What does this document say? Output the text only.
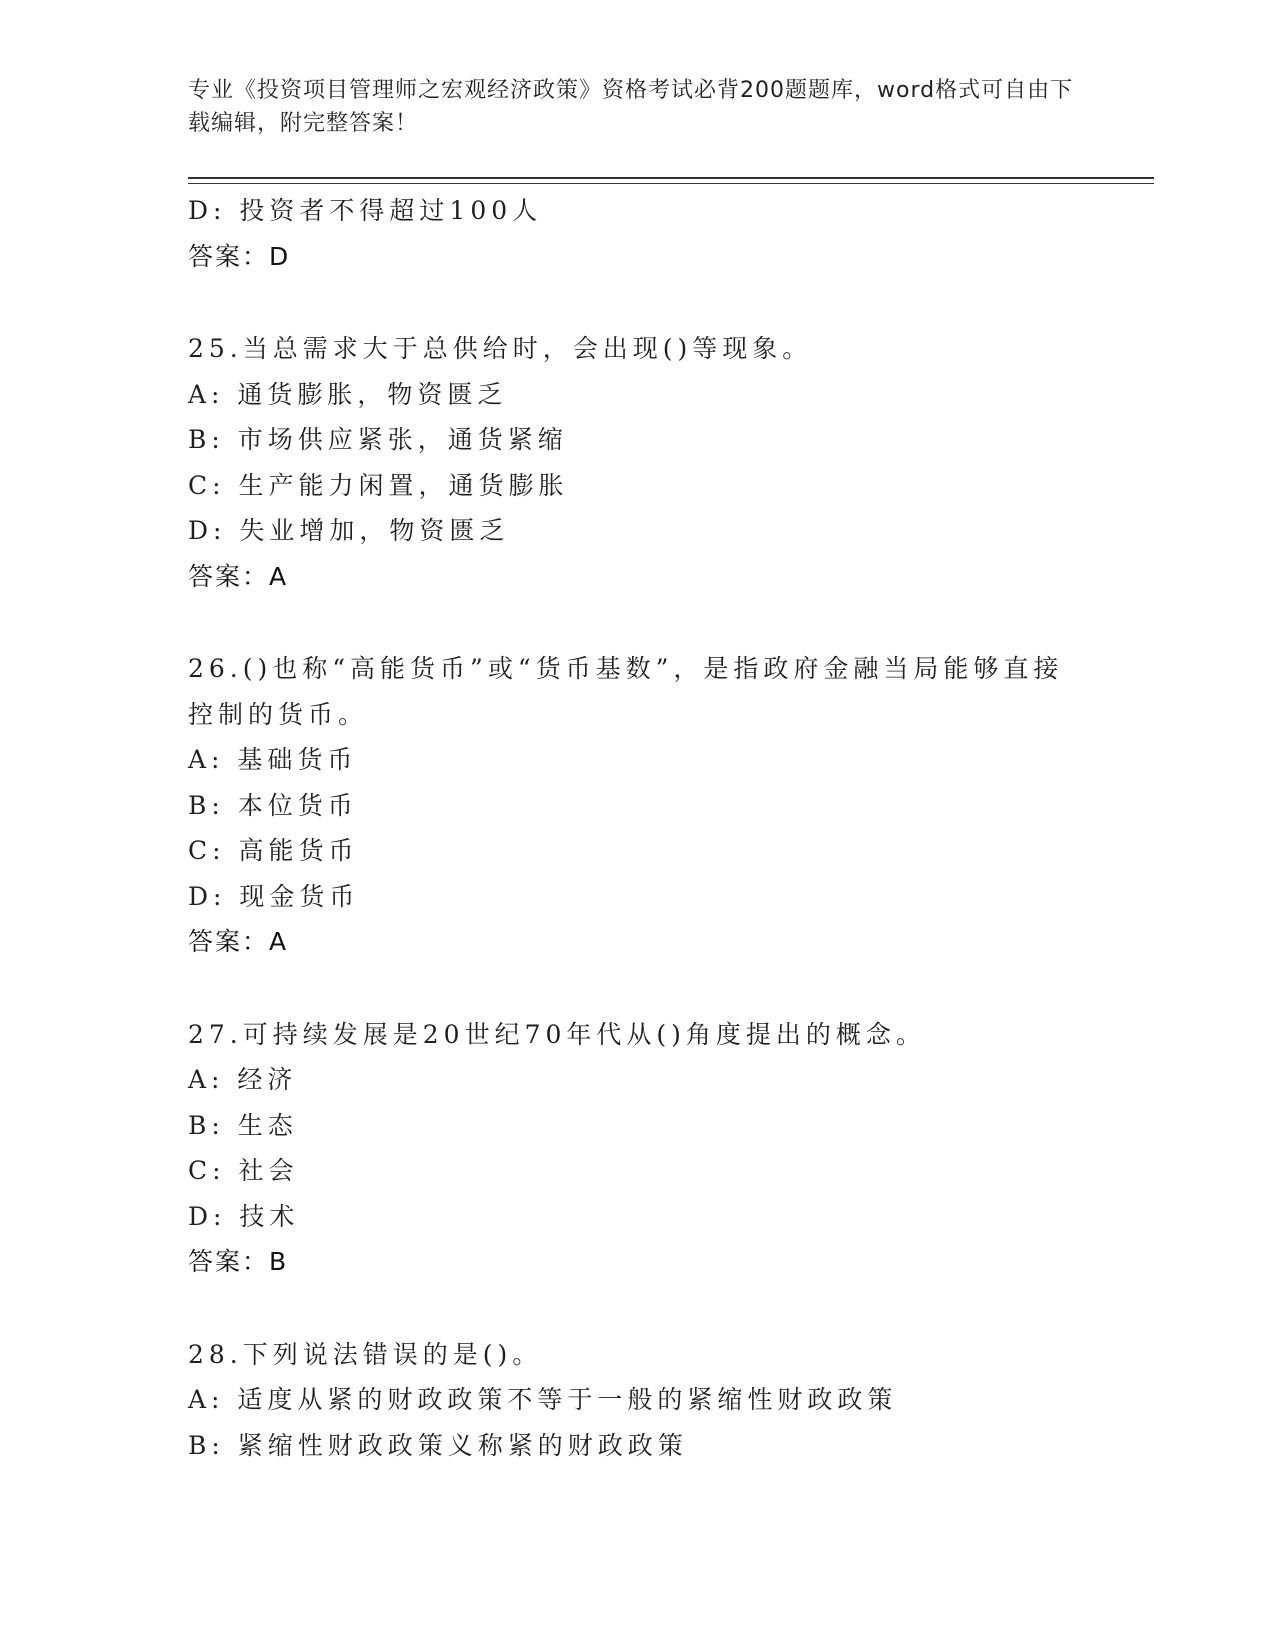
专业《投资项目管理师之宏观经济政策》资格考试必背200题题库，word格式可自由下载编辑，附完整答案！
D: 投资者不得超过100人
答案：D
25.当总需求大于总供给时，会出现()等现象。
A: 通货膨胀，物资匮乏
B: 市场供应紧张，通货紧缩
C: 生产能力闲置，通货膨胀
D: 失业增加，物资匮乏
答案：A
26.()也称“高能货币”或“货币基数”，是指政府金融当局能够直接
控制的货币。
A: 基础货币
B: 本位货币
C: 高能货币
D: 现金货币
答案：A
27.可持续发展是20世纪70年代从()角度提出的概念。
A: 经济
B: 生态
C: 社会
D: 技术
答案：B
28.下列说法错误的是()。
A: 适度从紧的财政政策不等于一般的紧缩性财政政策
B: 紧缩性财政政策义称紧的财政政策
